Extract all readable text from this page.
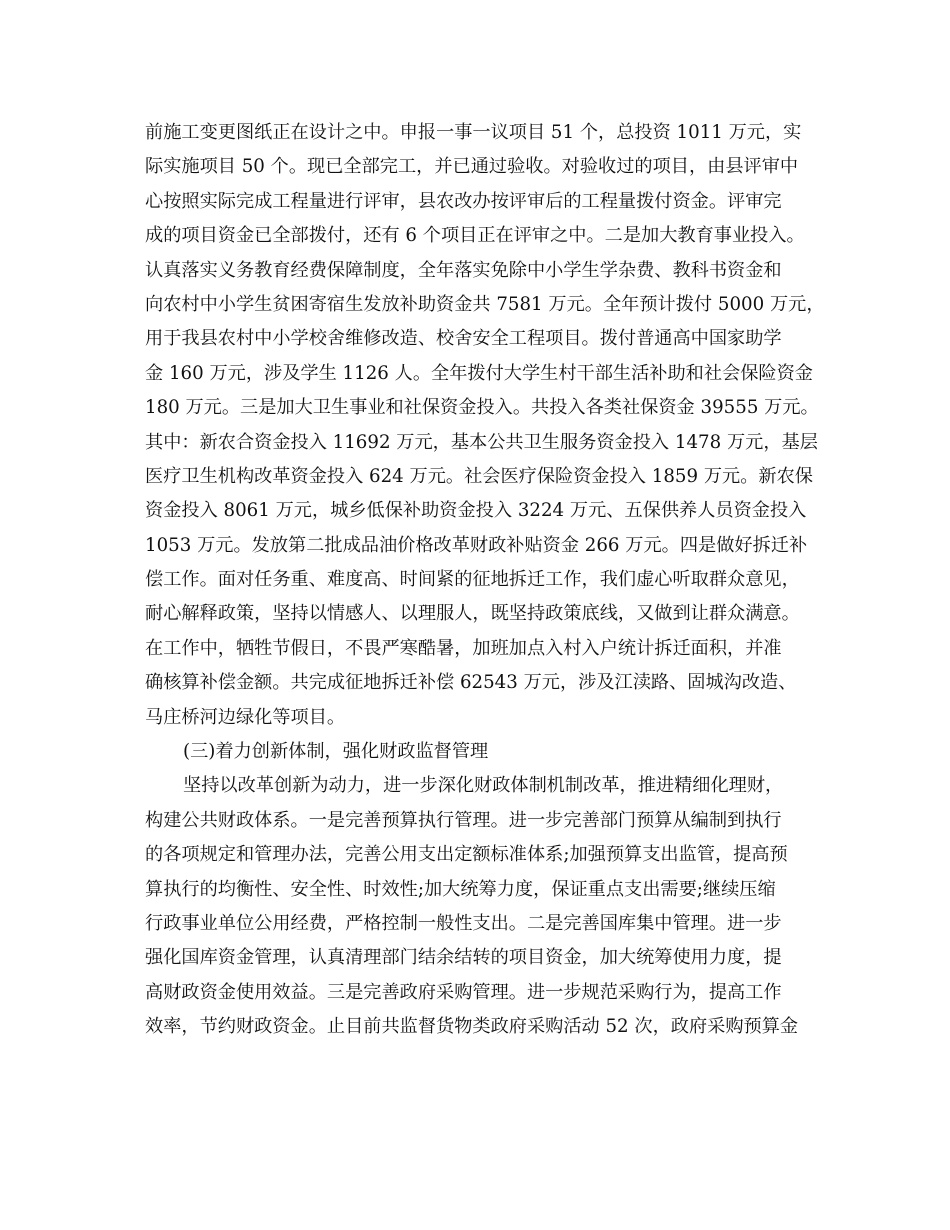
前施工变更图纸正在设计之中。申报一事一议项目 51 个，总投资 1011 万元，实
际实施项目 50 个。现已全部完工，并已通过验收。对验收过的项目，由县评审中
心按照实际完成工程量进行评审，县农改办按评审后的工程量拨付资金。评审完
成的项目资金已全部拨付，还有 6 个项目正在评审之中。二是加大教育事业投入。
认真落实义务教育经费保障制度，全年落实免除中小学生学杂费、教科书资金和
向农村中小学生贫困寄宿生发放补助资金共 7581 万元。全年预计拨付 5000 万元，
用于我县农村中小学校舍维修改造、校舍安全工程项目。拨付普通高中国家助学
金 160 万元，涉及学生 1126 人。全年拨付大学生村干部生活补助和社会保险资金
180 万元。三是加大卫生事业和社保资金投入。共投入各类社保资金 39555 万元。
其中：新农合资金投入 11692 万元，基本公共卫生服务资金投入 1478 万元，基层
医疗卫生机构改革资金投入 624 万元。社会医疗保险资金投入 1859 万元。新农保
资金投入 8061 万元，城乡低保补助资金投入 3224 万元、五保供养人员资金投入
1053 万元。发放第二批成品油价格改革财政补贴资金 266 万元。四是做好拆迁补
偿工作。面对任务重、难度高、时间紧的征地拆迁工作，我们虚心听取群众意见，
耐心解释政策，坚持以情感人、以理服人，既坚持政策底线，又做到让群众满意。
在工作中，牺牲节假日，不畏严寒酷暑，加班加点入村入户统计拆迁面积，并准
确核算补偿金额。共完成征地拆迁补偿 62543 万元，涉及江渎路、固城沟改造、
马庄桥河边绿化等项目。
(三)着力创新体制，强化财政监督管理
坚持以改革创新为动力，进一步深化财政体制机制改革，推进精细化理财，
构建公共财政体系。一是完善预算执行管理。进一步完善部门预算从编制到执行
的各项规定和管理办法，完善公用支出定额标准体系;加强预算支出监管，提高预
算执行的均衡性、安全性、时效性;加大统筹力度，保证重点支出需要;继续压缩
行政事业单位公用经费，严格控制一般性支出。二是完善国库集中管理。进一步
强化国库资金管理，认真清理部门结余结转的项目资金，加大统筹使用力度，提
高财政资金使用效益。三是完善政府采购管理。进一步规范采购行为，提高工作
效率，节约财政资金。止目前共监督货物类政府采购活动 52 次，政府采购预算金
